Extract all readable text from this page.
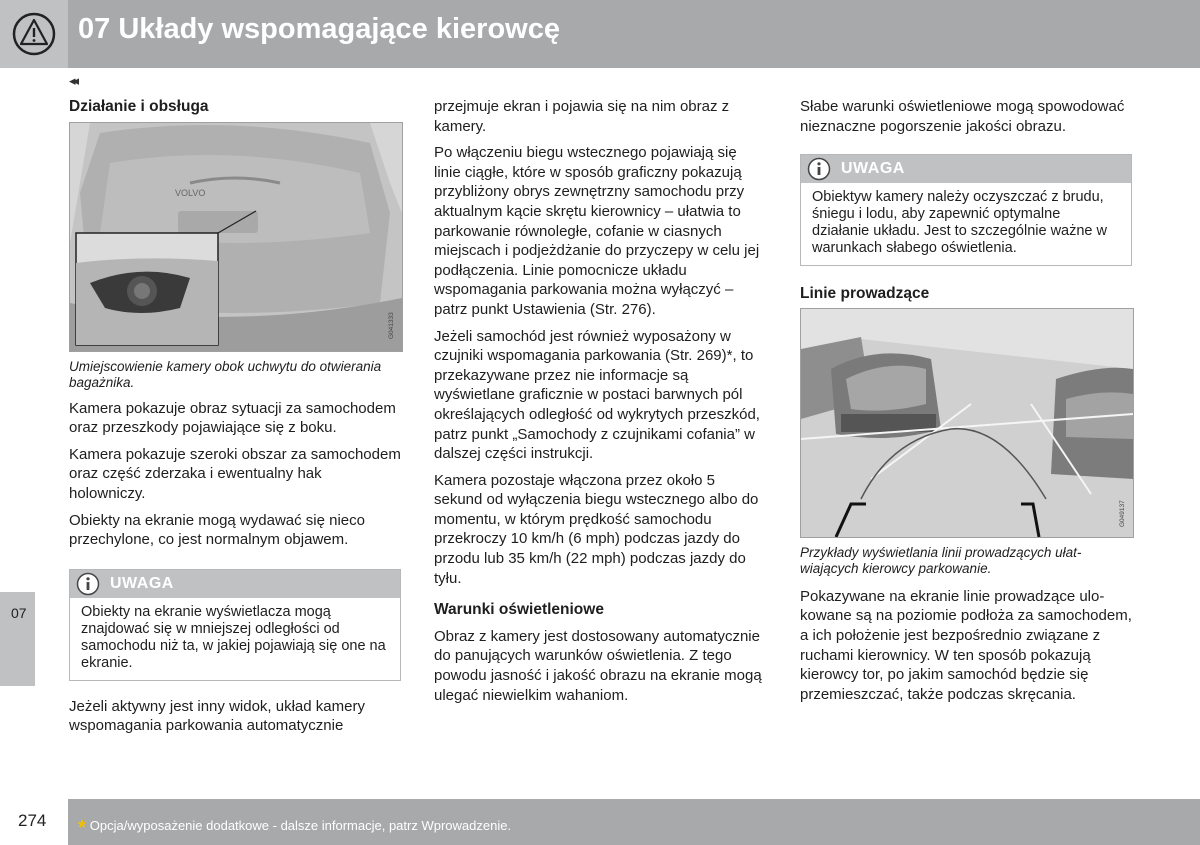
07 Układy wspomagające kierowcę
◂◂
07

Działanie i obsługa

VOLVO
G041333

Umiejscowienie kamery obok uchwytu do otwierania bagażnika.

Kamera pokazuje obraz sytuacji za samochodem oraz przeszkody pojawiające się z boku.

Kamera pokazuje szeroki obszar za samochodem oraz część zderzaka i ewentualny hak holowniczy.

Obiekty na ekranie mogą wydawać się nieco przechylone, co jest normalnym objawem.

UWAGA
Obiekty na ekranie wyświetlacza mogą znajdować się w mniejszej odległości od samochodu niż ta, w jakiej pojawiają się one na ekranie.

Jeżeli aktywny jest inny widok, układ kamery wspomagania parkowania automatycznie

przejmuje ekran i pojawia się na nim obraz z kamery.

Po włączeniu biegu wstecznego pojawiają się linie ciągłe, które w sposób graficzny pokazują przybliżony obrys zewnętrzny samochodu przy aktualnym kącie skrętu kierownicy – ułatwia to parkowanie równoległe, cofanie w ciasnych miejscach i podjeżdżanie do przyczepy w celu jej podłączenia. Linie pomocnicze układu wspomagania parkowania można wyłączyć – patrz punkt Ustawienia (Str. 276).

Jeżeli samochód jest również wyposażony w czujniki wspomagania parkowania (Str. 269)*, to przekazywane przez nie informacje są wyświetlane graficznie w postaci barwnych pól określających odległość od wykrytych przeszkód, patrz punkt „Samochody z czujnikami cofania” w dalszej części instrukcji.

Kamera pozostaje włączona przez około 5 sekund od wyłączenia biegu wstecznego albo do momentu, w którym prędkość samochodu przekroczy 10 km/h (6 mph) podczas jazdy do przodu lub 35 km/h (22 mph) podczas jazdy do tyłu.

Warunki oświetleniowe

Obraz z kamery jest dostosowany automatycznie do panujących warunków oświetlenia. Z tego powodu jasność i jakość obrazu na ekranie mogą ulegać niewielkim wahaniom.

Słabe warunki oświetleniowe mogą spowodować nieznaczne pogorszenie jakości obrazu.

UWAGA
Obiektyw kamery należy oczyszczać z brudu, śniegu i lodu, aby zapewnić optymalne działanie układu. Jest to szczególnie ważne w warunkach słabego oświetlenia.

Linie prowadzące

G049137

Przykłady wyświetlania linii prowadzących ułatwiających kierowcy parkowanie.

Pokazywane na ekranie linie prowadzące ulokowane są na poziomie podłoża za samochodem, a ich położenie jest bezpośrednio związane z ruchami kierownicy. W ten sposób pokazują kierowcy tor, po jakim samochód będzie się przemieszczać, także podczas skręcania.

274 * Opcja/wyposażenie dodatkowe - dalsze informacje, patrz Wprowadzenie.
